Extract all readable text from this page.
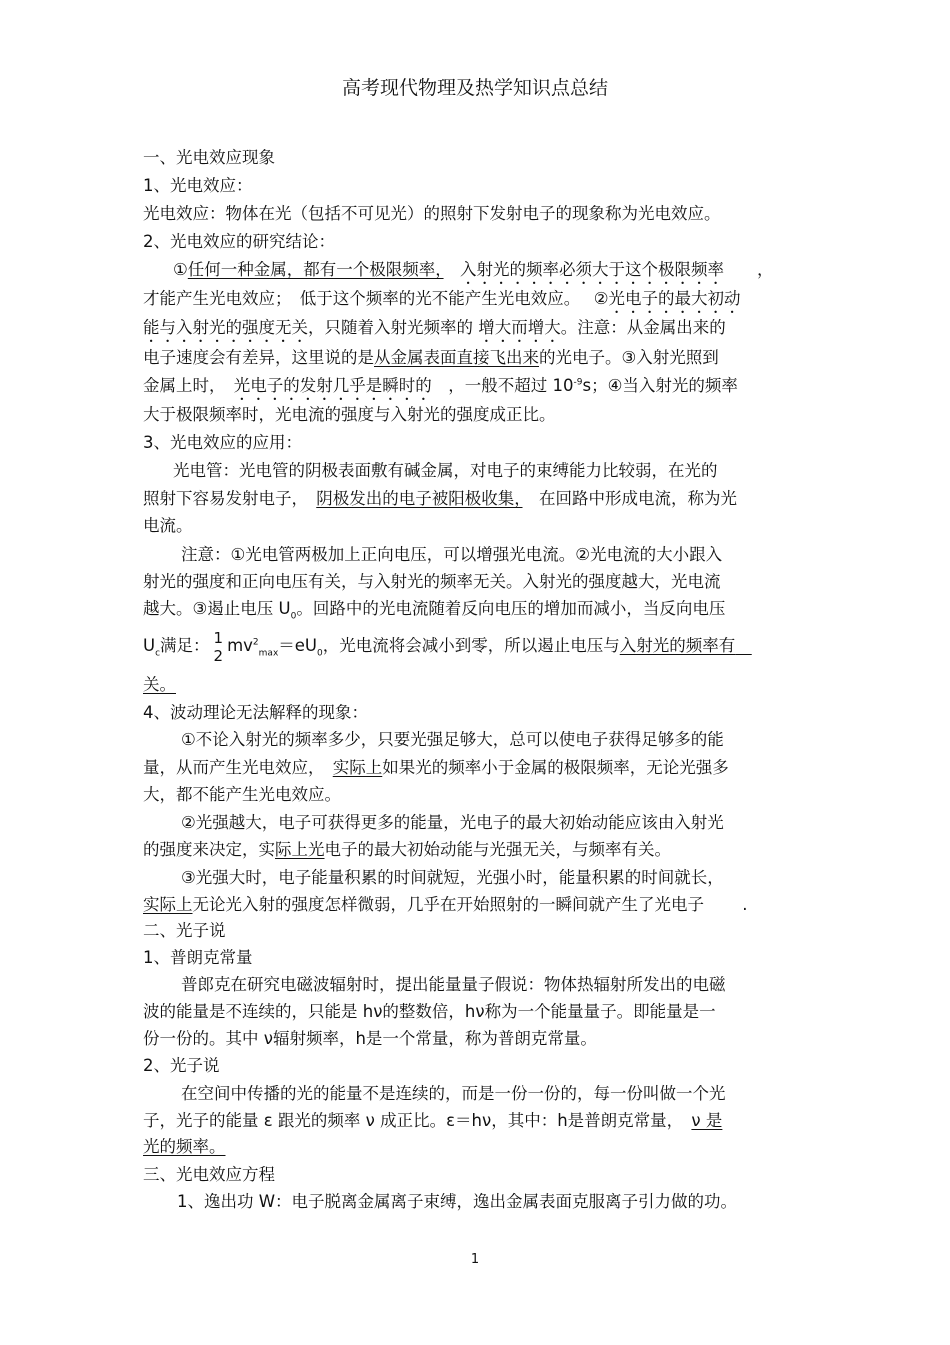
高考现代物理及热学知识点总结
一、光电效应现象
1、光电效应：
光电效应：物体在光（包括不可见光）的照射下发射电子的现象称为光电效应。
2、光电效应的研究结论：
①任何一种金属，都有一个极限频率，　 入射光的频率必须大于这个极限频率　　 ，
才能产生光电效应；　 低于这个频率的光不能产生光电效应。　 ②光电子的最大初动
能与入射光的强度无关，只随着入射光频率的 增大而增大。注意：从金属出来的
电子速度会有差异，这里说的是从金属表面直接飞出来的光电子。③入射光照到
金属上时，　 光电子的发射几乎是瞬时的　 ，一般不超过 $10^{-9}s$；④当入射光的频率
大于极限频率时，光电流的强度与入射光的强度成正比。
3、光电效应的应用：
光电管：光电管的阴极表面敷有碱金属，对电子的束缚能力比较弱，在光的
照射下容易发射电子，　 阴极发出的电子被阳极收集，　 在回路中形成电流，称为光
电流。
注意：①光电管两极加上正向电压，可以增强光电流。②光电流的大小跟入
射光的强度和正向电压有关，与入射光的频率无关。入射光的强度越大，光电流
越大。③遏止电压 $U_0$。回路中的光电流随着反向电压的增加而减小，当反向电压
$U_c$满足： 1
2
$mv^2_{max}=eU_0$，光电流将会减小到零，所以遏止电压与入射光的频率有　
关。
4、波动理论无法解释的现象：
①不论入射光的频率多少，只要光强足够大，总可以使电子获得足够多的能
量，从而产生光电效应，　 实际上如果光的频率小于金属的极限频率，无论光强多
大，都不能产生光电效应。
②光强越大，电子可获得更多的能量，光电子的最大初始动能应该由入射光
的强度来决定，实际上光电子的最大初始动能与光强无关，与频率有关。
③光强大时，电子能量积累的时间就短，光强小时，能量积累的时间就长，
实际上无论光入射的强度怎样微弱，几乎在开始照射的一瞬间就产生了光电子　　 .
二、光子说
1、普朗克常量
普郎克在研究电磁波辐射时，提出能量量子假说：物体热辐射所发出的电磁
波的能量是不连续的，只能是 hν的整数倍，hν称为一个能量量子。即能量是一
份一份的。其中 ν辐射频率，h是一个常量，称为普朗克常量。
2、光子说
在空间中传播的光的能量不是连续的，而是一份一份的，每一份叫做一个光
子，光子的能量 ε 跟光的频率 ν 成正比。ε＝hν，其中：h是普朗克常量，　 ν 是
光的频率。
三、光电效应方程
1、逸出功 W：电子脱离金属离子束缚，逸出金属表面克服离子引力做的功。
1
